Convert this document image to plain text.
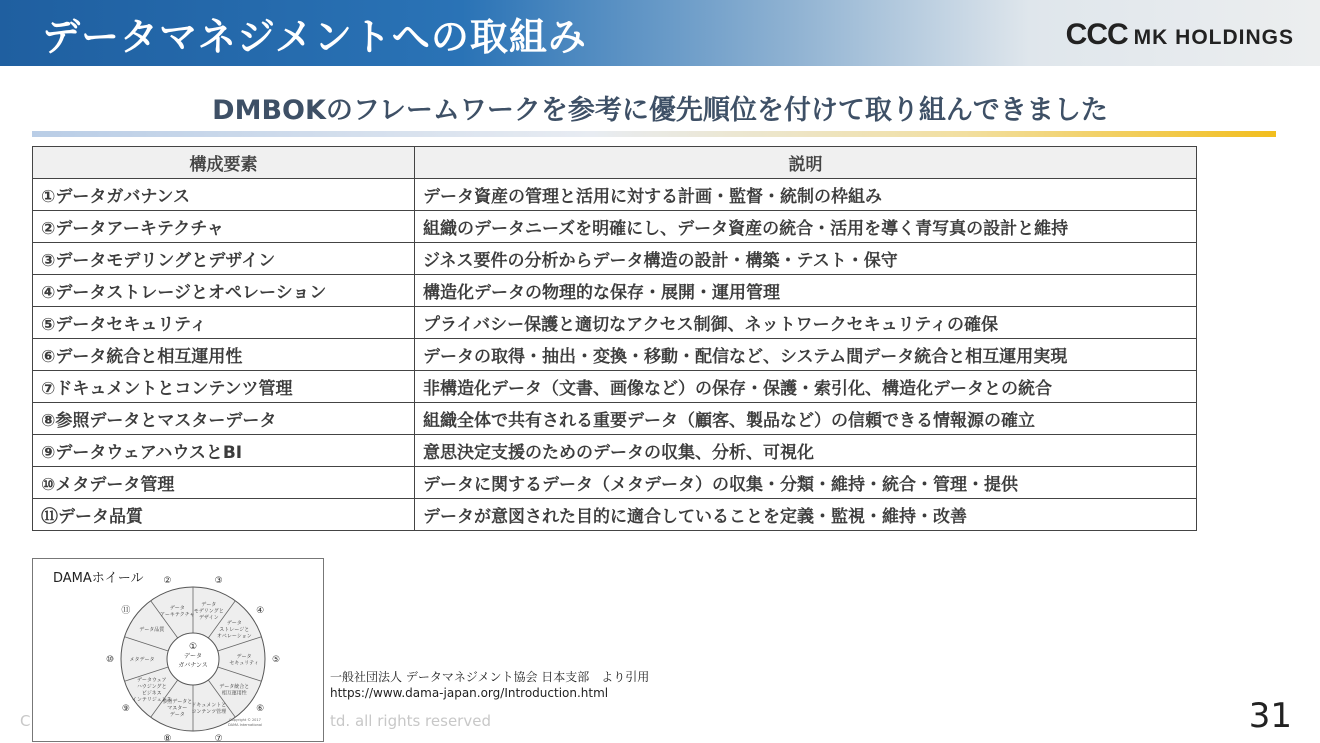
データマネジメントへの取組み	CCC MK HOLDINGS
DMBOKのフレームワークを参考に優先順位を付けて取り組んできました
構成要素	説明
①データガバナンス	データ資産の管理と活用に対する計画・監督・統制の枠組み
②データアーキテクチャ	組織のデータニーズを明確にし、データ資産の統合・活用を導く青写真の設計と維持
③データモデリングとデザイン	ジネス要件の分析からデータ構造の設計・構築・テスト・保守
④データストレージとオペレーション	構造化データの物理的な保存・展開・運用管理
⑤データセキュリティ	プライバシー保護と適切なアクセス制御、ネットワークセキュリティの確保
⑥データ統合と相互運用性	データの取得・抽出・変換・移動・配信など、システム間データ統合と相互運用実現
⑦ドキュメントとコンテンツ管理	非構造化データ（文書、画像など）の保存・保護・索引化、構造化データとの統合
⑧参照データとマスターデータ	組織全体で共有される重要データ（顧客、製品など）の信頼できる情報源の確立
⑨データウェアハウスとBI	意思決定支援のためのデータの収集、分析、可視化
⑩メタデータ管理	データに関するデータ（メタデータ）の収集・分類・維持・統合・管理・提供
⑪データ品質	データが意図された目的に適合していることを定義・監視・維持・改善
DAMAホイール
①
データ
ガバナンス
データ
アーキテクチャ
②
データ
モデリングと
デザイン
③
データ
ストレージと
オペレーション
④
データ
セキュリティ ⑤
データ統合と
相互運用性
⑥
ドキュメントと
コンテンツ管理
⑦
参照データと
マスター
データ
⑧
データウェア
ハウジングと
ビジネス
インテリジェンス
⑨
メタデータ
⑩
データ品質
⑪
Copyright © 2017
DAMA International
一般社団法人 データマネジメント協会 日本支部　より引用
https://www.dama-japan.org/Introduction.html
C	td. all rights reserved	31
